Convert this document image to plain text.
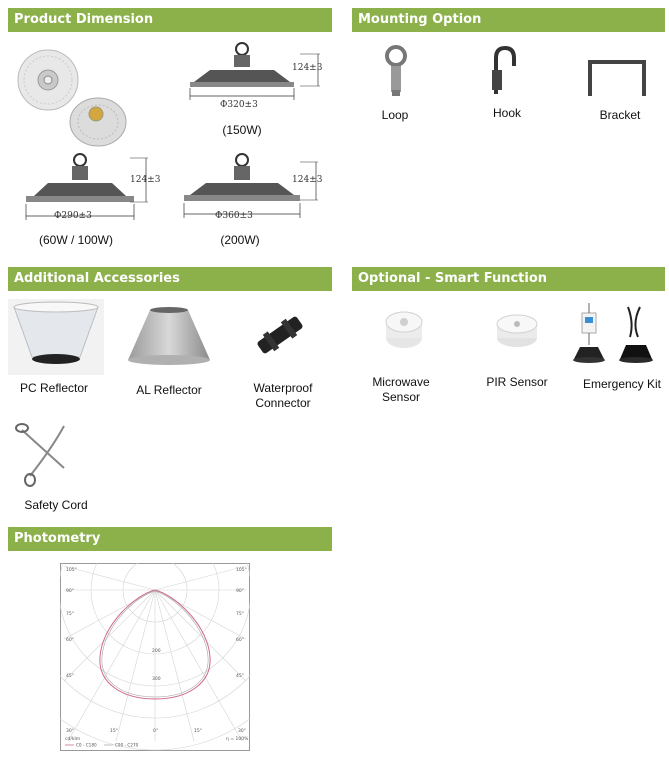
Product Dimension
124±3
Φ320±3
(150W)
124±3
Φ290±3
(60W / 100W)
124±3
Φ360±3
(200W)
Mounting Option
Loop	Hook	Bracket
Additional Accessories
PC Reflector	AL Reflector	Waterproof Connector
Safety Cord
Optional - Smart Function
Microwave Sensor
PIR Sensor	Emergency Kit
Photometry
105°
90°
75°
60°
45°
105°
90°
75°
60°
45°
30°	15°	0°	15°	30°
200
300
cd/klm	η = 100%
C0 - C180	C90 - C270
